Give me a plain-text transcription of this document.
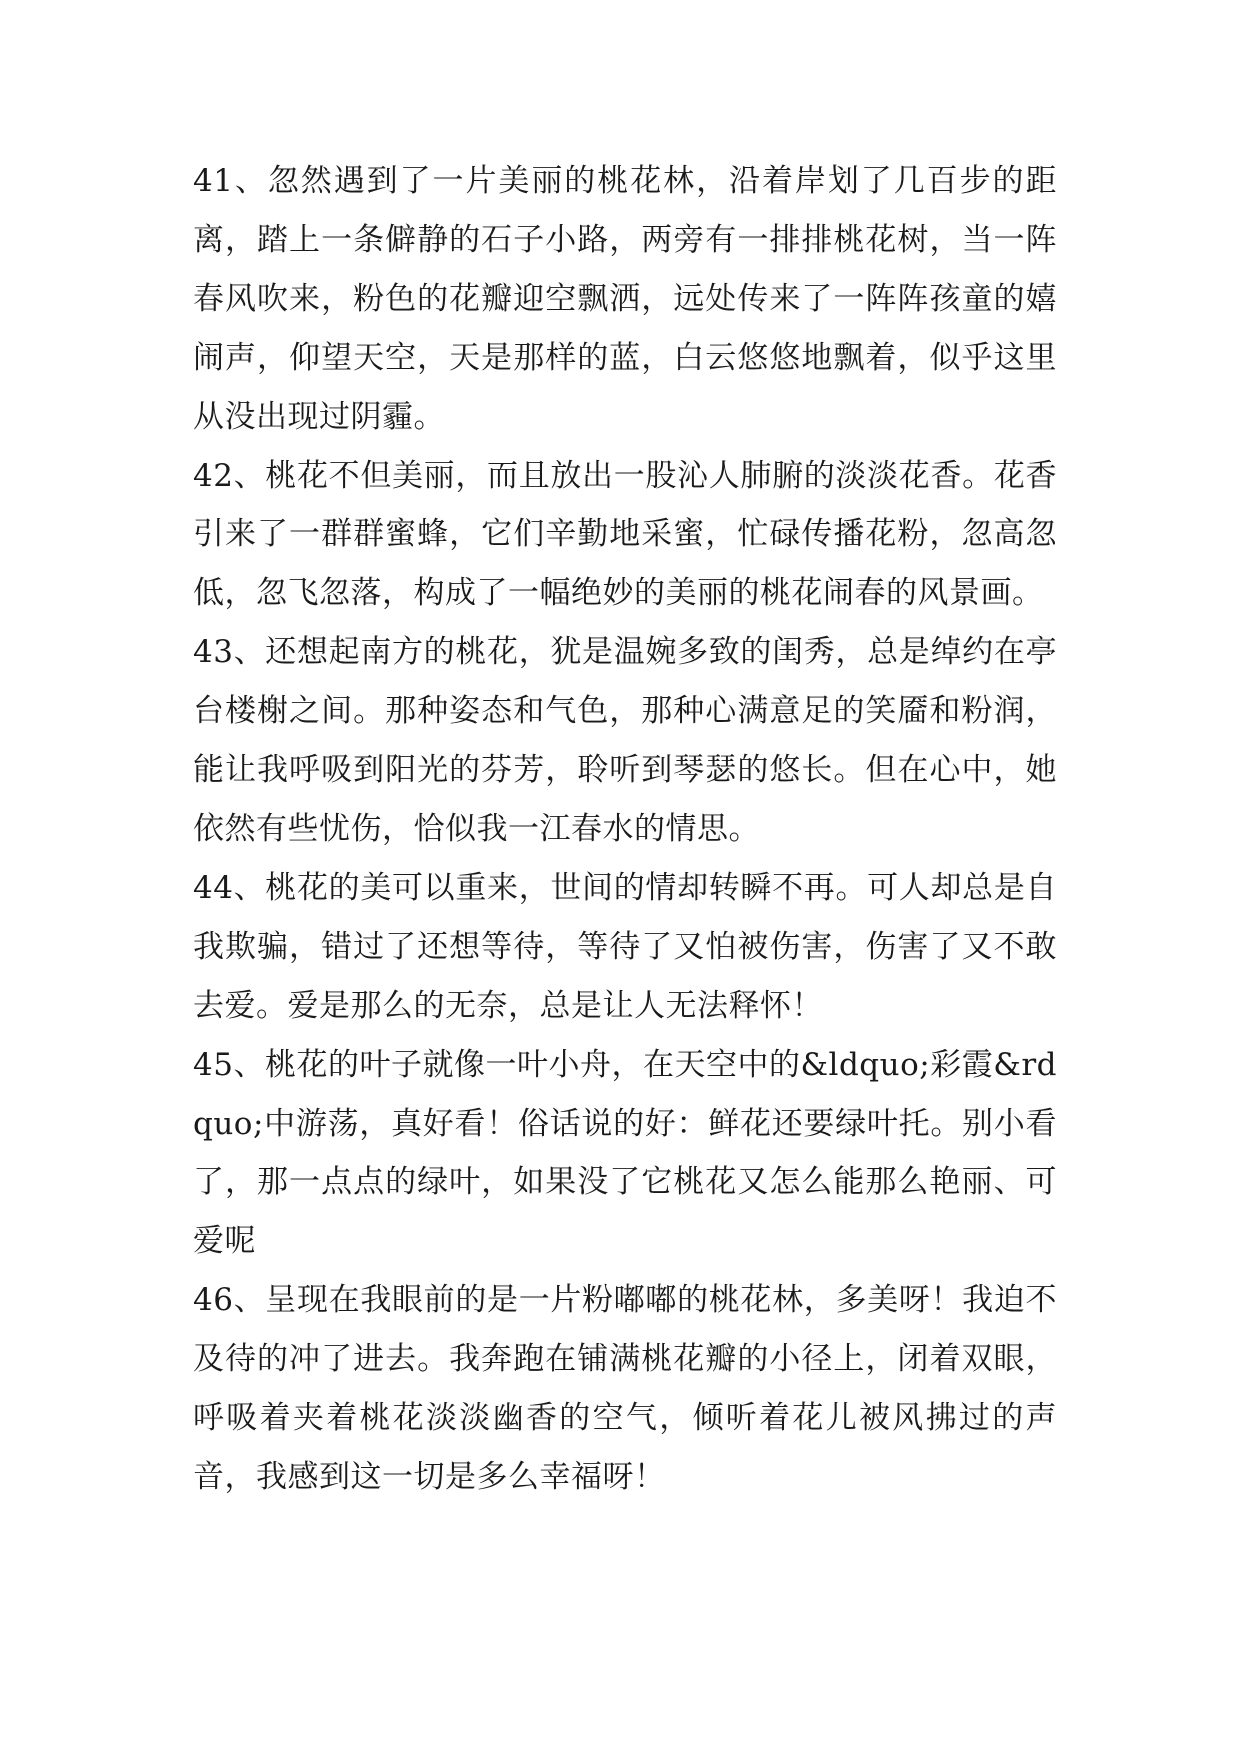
41、忽然遇到了一片美丽的桃花林，沿着岸划了几百步的距离，踏上一条僻静的石子小路，两旁有一排排桃花树，当一阵春风吹来，粉色的花瓣迎空飘洒，远处传来了一阵阵孩童的嬉闹声，仰望天空，天是那样的蓝，白云悠悠地飘着，似乎这里从没出现过阴霾。

42、桃花不但美丽，而且放出一股沁人肺腑的淡淡花香。花香引来了一群群蜜蜂，它们辛勤地采蜜，忙碌传播花粉，忽高忽低，忽飞忽落，构成了一幅绝妙的美丽的桃花闹春的风景画。

43、还想起南方的桃花，犹是温婉多致的闺秀，总是绰约在亭台楼榭之间。那种姿态和气色，那种心满意足的笑靥和粉润，能让我呼吸到阳光的芬芳，聆听到琴瑟的悠长。但在心中，她依然有些忧伤，恰似我一江春水的情思。

44、桃花的美可以重来，世间的情却转瞬不再。可人却总是自我欺骗，错过了还想等待，等待了又怕被伤害，伤害了又不敢去爱。爱是那么的无奈，总是让人无法释怀！

45、桃花的叶子就像一叶小舟，在天空中的&ldquo;彩霞&rdquo;中游荡，真好看！俗话说的好：鲜花还要绿叶托。别小看了，那一点点的绿叶，如果没了它桃花又怎么能那么艳丽、可爱呢

46、呈现在我眼前的是一片粉嘟嘟的桃花林，多美呀！我迫不及待的冲了进去。我奔跑在铺满桃花瓣的小径上，闭着双眼，呼吸着夹着桃花淡淡幽香的空气，倾听着花儿被风拂过的声音，我感到这一切是多么幸福呀！
